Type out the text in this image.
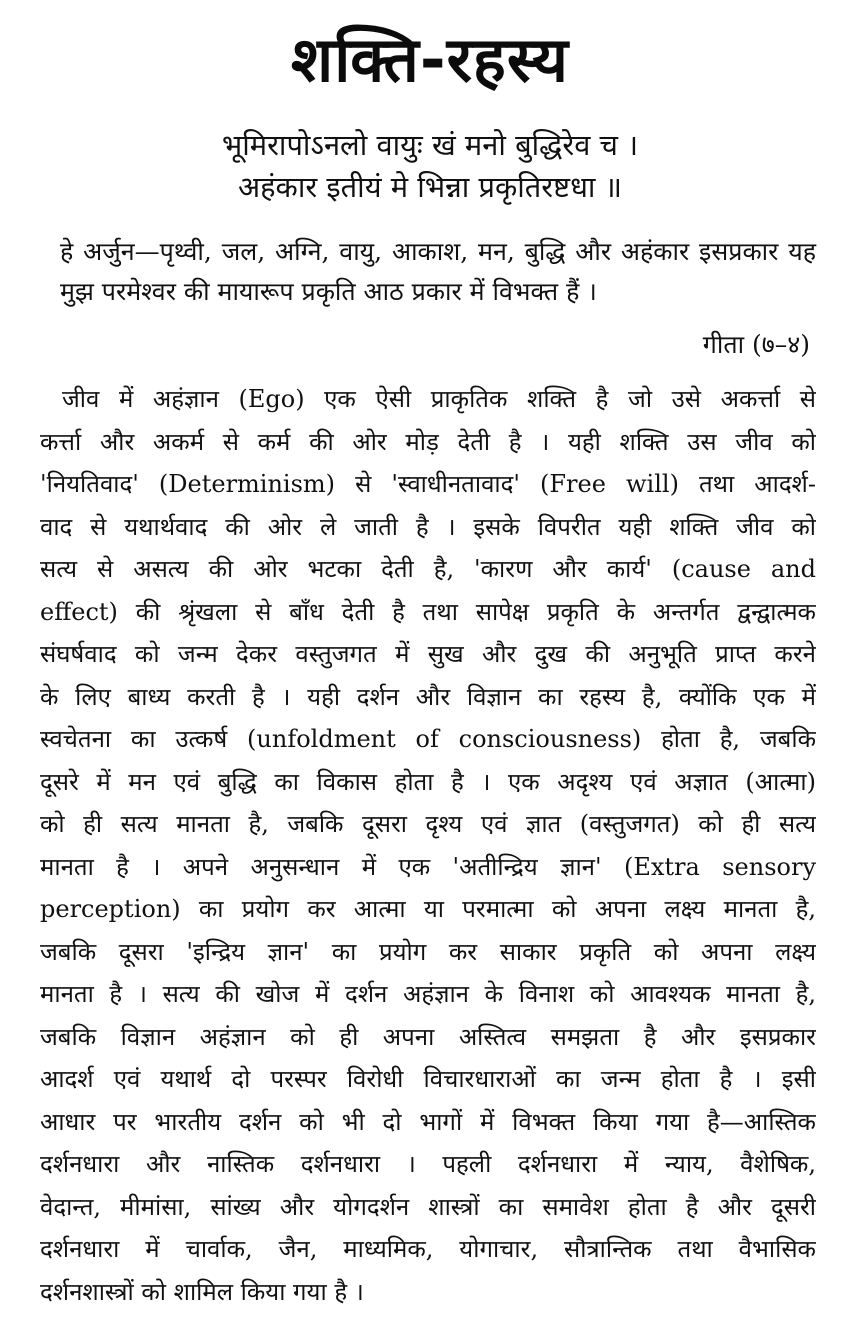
शक्ति-रहस्य
भूमिरापोऽनलो वायुः खं मनो बुद्धिरेव च ।
अहंकार इतीयं मे भिन्ना प्रकृतिरष्टधा ॥
हे अर्जुन—पृथ्वी, जल, अग्नि, वायु, आकाश, मन, बुद्धि और अहंकार इसप्रकार यह मुझ परमेश्वर की मायारूप प्रकृति आठ प्रकार में विभक्त हैं ।
गीता (७–४)
जीव में अहंज्ञान (Ego) एक ऐसी प्राकृतिक शक्ति है जो उसे अकर्त्ता से
कर्त्ता और अकर्म से कर्म की ओर मोड़ देती है । यही शक्ति उस जीव को
'नियतिवाद' (Determinism) से 'स्वाधीनतावाद' (Free will) तथा आदर्श-
वाद से यथार्थवाद की ओर ले जाती है । इसके विपरीत यही शक्ति जीव को
सत्य से असत्य की ओर भटका देती है, 'कारण और कार्य' (cause and
effect) की श्रृंखला से बाँध देती है तथा सापेक्ष प्रकृति के अन्तर्गत द्वन्द्वात्मक
संघर्षवाद को जन्म देकर वस्तुजगत में सुख और दुख की अनुभूति प्राप्त करने
के लिए बाध्य करती है । यही दर्शन और विज्ञान का रहस्य है, क्योंकि एक में
स्वचेतना का उत्कर्ष (unfoldment of consciousness) होता है, जबकि
दूसरे में मन एवं बुद्धि का विकास होता है । एक अदृश्य एवं अज्ञात (आत्मा)
को ही सत्य मानता है, जबकि दूसरा दृश्य एवं ज्ञात (वस्तुजगत) को ही सत्य
मानता है । अपने अनुसन्धान में एक 'अतीन्द्रिय ज्ञान' (Extra sensory
perception) का प्रयोग कर आत्मा या परमात्मा को अपना लक्ष्य मानता है,
जबकि दूसरा 'इन्द्रिय ज्ञान' का प्रयोग कर साकार प्रकृति को अपना लक्ष्य
मानता है । सत्य की खोज में दर्शन अहंज्ञान के विनाश को आवश्यक मानता है,
जबकि विज्ञान अहंज्ञान को ही अपना अस्तित्व समझता है और इसप्रकार
आदर्श एवं यथार्थ दो परस्पर विरोधी विचारधाराओं का जन्म होता है । इसी
आधार पर भारतीय दर्शन को भी दो भागों में विभक्त किया गया है—आस्तिक
दर्शनधारा और नास्तिक दर्शनधारा । पहली दर्शनधारा में न्याय, वैशेषिक,
वेदान्त, मीमांसा, सांख्य और योगदर्शन शास्त्रों का समावेश होता है और दूसरी
दर्शनधारा में चार्वाक, जैन, माध्यमिक, योगाचार, सौत्रान्तिक तथा वैभासिक
दर्शनशास्त्रों को शामिल किया गया है ।
